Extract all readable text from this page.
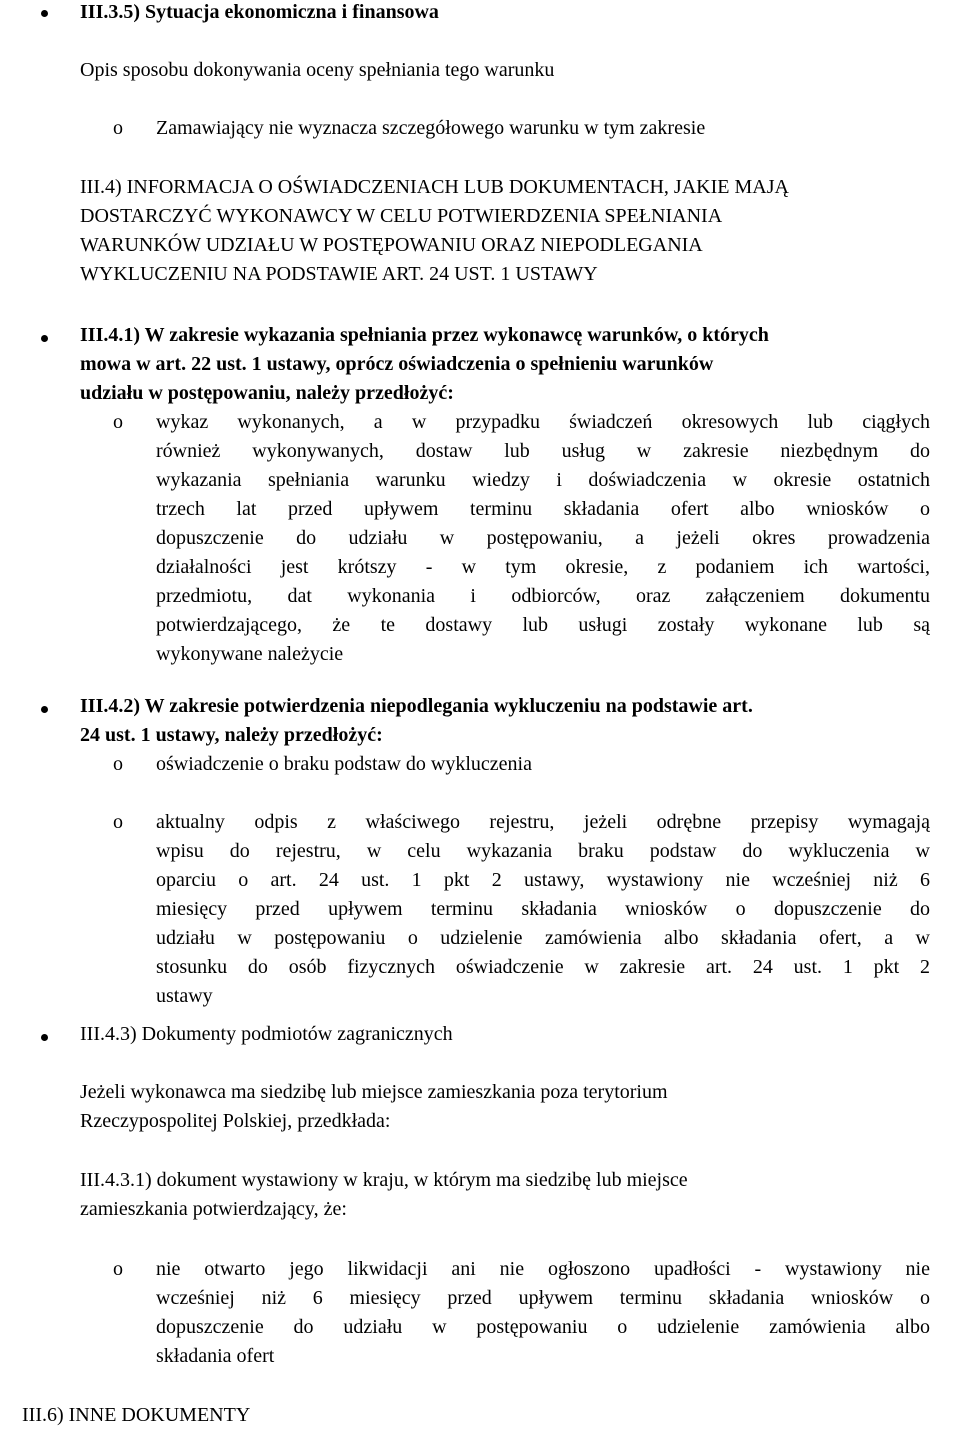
III.3.5) Sytuacja ekonomiczna i finansowa

Opis sposobu dokonywania oceny spełniania tego warunku

o Zamawiający nie wyznacza szczegółowego warunku w tym zakresie

III.4) INFORMACJA O OŚWIADCZENIACH LUB DOKUMENTACH, JAKIE MAJĄ

DOSTARCZYĆ WYKONAWCY W CELU POTWIERDZENIA SPEŁNIANIA

WARUNKÓW UDZIAŁU W POSTĘPOWANIU ORAZ NIEPODLEGANIA

WYKLUCZENIU NA PODSTAWIE ART. 24 UST. 1 USTAWY

III.4.1) W zakresie wykazania spełniania przez wykonawcę warunków, o których

mowa w art. 22 ust. 1 ustawy, oprócz oświadczenia o spełnieniu warunków

udziału w postępowaniu, należy przedłożyć:

o wykaz wykonanych, a w przypadku świadczeń okresowych lub ciągłych
również wykonywanych, dostaw lub usług w zakresie niezbędnym do
wykazania spełniania warunku wiedzy i doświadczenia w okresie ostatnich
trzech lat przed upływem terminu składania ofert albo wniosków o
dopuszczenie do udziału w postępowaniu, a jeżeli okres prowadzenia
działalności jest krótszy - w tym okresie, z podaniem ich wartości,
przedmiotu, dat wykonania i odbiorców, oraz załączeniem dokumentu
potwierdzającego, że te dostawy lub usługi zostały wykonane lub są
wykonywane należycie

III.4.2) W zakresie potwierdzenia niepodlegania wykluczeniu na podstawie art.

24 ust. 1 ustawy, należy przedłożyć:

o oświadczenie o braku podstaw do wykluczenia

o aktualny odpis z właściwego rejestru, jeżeli odrębne przepisy wymagają
wpisu do rejestru, w celu wykazania braku podstaw do wykluczenia w
oparciu o art. 24 ust. 1 pkt 2 ustawy, wystawiony nie wcześniej niż 6
miesięcy przed upływem terminu składania wniosków o dopuszczenie do
udziału w postępowaniu o udzielenie zamówienia albo składania ofert, a w
stosunku do osób fizycznych oświadczenie w zakresie art. 24 ust. 1 pkt 2
ustawy

III.4.3) Dokumenty podmiotów zagranicznych

Jeżeli wykonawca ma siedzibę lub miejsce zamieszkania poza terytorium

Rzeczypospolitej Polskiej, przedkłada:

III.4.3.1) dokument wystawiony w kraju, w którym ma siedzibę lub miejsce

zamieszkania potwierdzający, że:

o nie otwarto jego likwidacji ani nie ogłoszono upadłości - wystawiony nie
wcześniej niż 6 miesięcy przed upływem terminu składania wniosków o
dopuszczenie do udziału w postępowaniu o udzielenie zamówienia albo
składania ofert

III.6) INNE DOKUMENTY
